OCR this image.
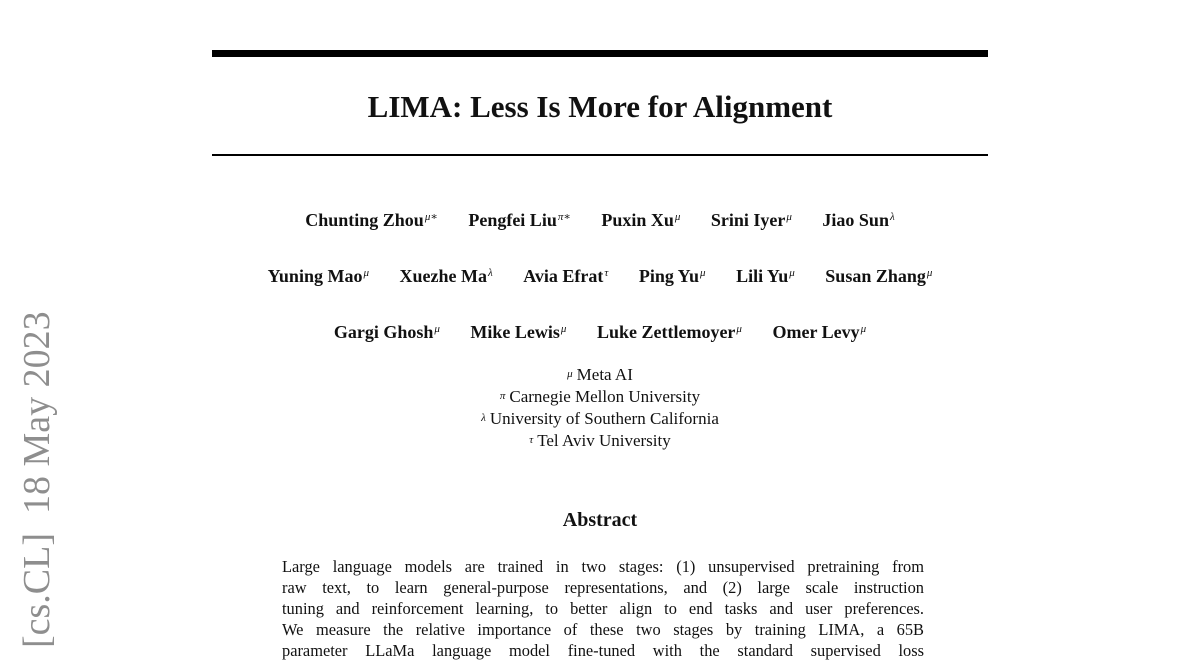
[cs.CL]  18 May 2023
LIMA: Less Is More for Alignment
Chunting Zhou$^{\mu∗}$ Pengfei Liu$^{\pi∗}$ Puxin $Xu^\mu$ Srini Iyer$^\mu$ Jiao Sun$^\lambda$
Yuning Mao$^\mu$ Xuezhe $Ma^\lambda$ Avia Efrat$^\tau$ Ping $Yu^\mu$ Lili $Yu^\mu$ Susan Zhang$^\mu$
Gargi Ghosh$^\mu$ Mike Lewis$^\mu$ Luke Zettlemoyer$^\mu$ Omer Levy$^\mu$
$^\mu$ Meta AI
$^\pi$ Carnegie Mellon University
$^\lambda$ University of Southern California
$^\tau$ Tel Aviv University
Abstract
Large language models are trained in two stages: (1) unsupervised pretraining from
raw text, to learn general-purpose representations, and (2) large scale instruction
tuning and reinforcement learning, to better align to end tasks and user preferences.
We measure the relative importance of these two stages by training LIMA, a 65B
parameter LLaMa language model fine-tuned with the standard supervised loss
